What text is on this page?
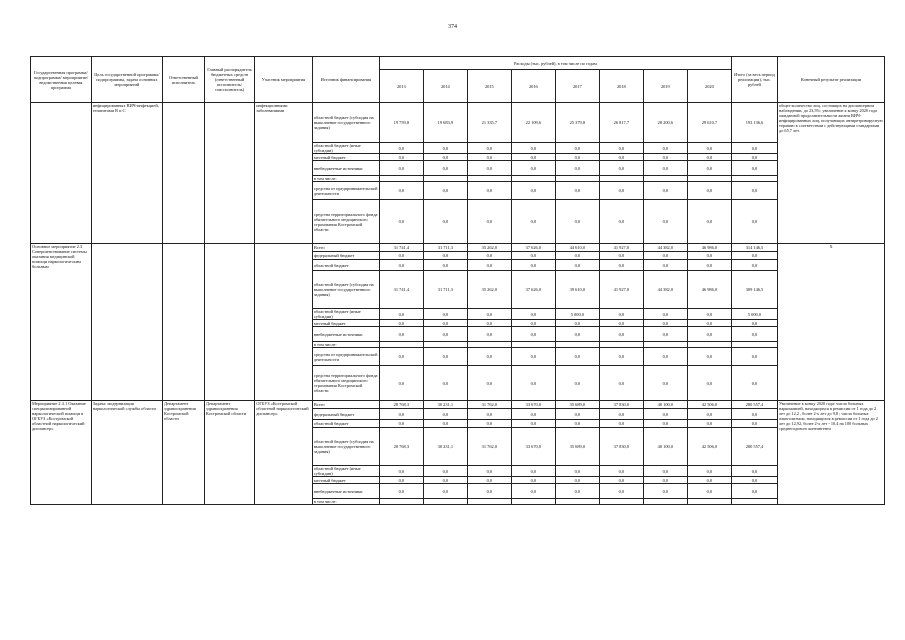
374
Государственная программа/подпрограмма/ мероприятие/ ведомственная целевая программа	Цель государственной программы/подпрограммы, задача основных мероприятий	Ответственный исполнитель	Главный распорядитель бюджетных средств (ответственный исполнитель/ соисполнитель)	Участник мероприятия	Источник финансирования	Расходы (тыс. рублей), в том числе по годам								Итого (за весь период реализации), тыс. рублей	Конечный результат реализации
						2013	2014	2015	2016	2017	2018	2019	2020		
	инфицированных ВИЧ-инфекцией, гепатитами В и С			инфекционными заболеваниями	областной бюджет (субсидия на выполнение государственного задания)	19 759,8	19 683,9	21 335,7	22 109,6	25 379,8	26 817,7	28 200,6	29 610,7	193 136,6	общее количество лиц, состоящих на диспансерном наблюдении, до 23,5%; увеличение к концу 2020 года ожидаемой продолжительности жизни ВИЧ-инфицированных лиц, получающих антиретровирусную терапию в соответствии с действующими стандартами до 65,7 лет.
					областной бюджет (иные субсидии)	0,0	0,0	0,0	0,0	0,0	0,0	0,0	0,0	0,0	
					местный бюджет	0,0	0,0	0,0	0,0	0,0	0,0	0,0	0,0	0,0	
					внебюджетные источники	0,0	0,0	0,0	0,0	0,0	0,0	0,0	0,0	0,0	
					в том числе:										
					средства от предпринимательской деятельности	0,0	0,0	0,0	0,0	0,0	0,0	0,0	0,0	0,0	
					средства территориального фонда обязательного медицинского страхования Костромской области	0,0	0,0	0,0	0,0	0,0	0,0	0,0	0,0	0,0	
Основное мероприятие 2.3 Совершенствование системы оказания медицинской помощи наркологическим больным					Всего	31 741,4	31 711,3	35 262,0	37 626,0	44 610,0	41 927,0	44 382,0	46 986,0	314 146,5	Х
					федеральный бюджет	0,0	0,0	0,0	0,0	0,0	0,0	0,0	0,0	0,0	
					областной бюджет	0,0	0,0	0,0	0,0	0,0	0,0	0,0	0,0	0,0	
					областной бюджет (субсидия на выполнение государственного задания)	31 741,4	31 711,3	35 262,0	37 626,0	39 610,0	41 927,0	44 382,0	46 986,0	309 146,5	
					областной бюджет (иные субсидии)	0,0	0,0	0,0	0,0	5 000,0	0,0	0,0	0,0	5 000,0	
					местный бюджет	0,0	0,0	0,0	0,0	0,0	0,0	0,0	0,0	0,0	
					внебюджетные источники	0,0	0,0	0,0	0,0	0,0	0,0	0,0	0,0	0,0	
					в том числе:										
					средства от предпринимательской деятельности	0,0	0,0	0,0	0,0	0,0	0,0	0,0	0,0	0,0	
					средства территориального фонда обязательного медицинского страхования Костромской области	0,0	0,0	0,0	0,0	0,0	0,0	0,0	0,0	0,0	
Мероприятие 2.3.1 Оказание специализированной наркологической помощи в ОГБУЗ «Костромской областной наркологический диспансер»	Задача: модернизация наркологической службы области	Департамент здравоохранения Костромской области	Департамент здравоохранения Костромской области	ОГБУЗ «Костромской областной наркологический диспансер»	Всего	28 768,3	30 231,1	31 762,0	33 670,0	35 689,0	37 830,0	40 100,0	42 506,0	280 557,4	Увеличение к концу 2020 года: числа больных наркоманией, находящихся в ремиссии от 1 года до 2 лет до 12,2 , более 2-х лет до 9,8 ; числа больных алкоголизмом, находящихся в ремиссии от 1 года до 2 лет до 12,92, более 2-х лет - 10,4 на 100 больных среднегодового контингента
					федеральный бюджет	0,0	0,0	0,0	0,0	0,0	0,0	0,0	0,0	0,0	
					областной бюджет	0,0	0,0	0,0	0,0	0,0	0,0	0,0	0,0	0,0	
					областной бюджет (субсидия на выполнение государственного задания)	28 768,3	30 231,1	31 762,0	33 670,0	35 689,0	37 830,0	40 100,0	42 506,0	280 557,4	
					областной бюджет (иные субсидии)	0,0	0,0	0,0	0,0	0,0	0,0	0,0	0,0	0,0	
					местный бюджет	0,0	0,0	0,0	0,0	0,0	0,0	0,0	0,0	0,0	
					внебюджетные источники	0,0	0,0	0,0	0,0	0,0	0,0	0,0	0,0	0,0	
					в том числе:										
